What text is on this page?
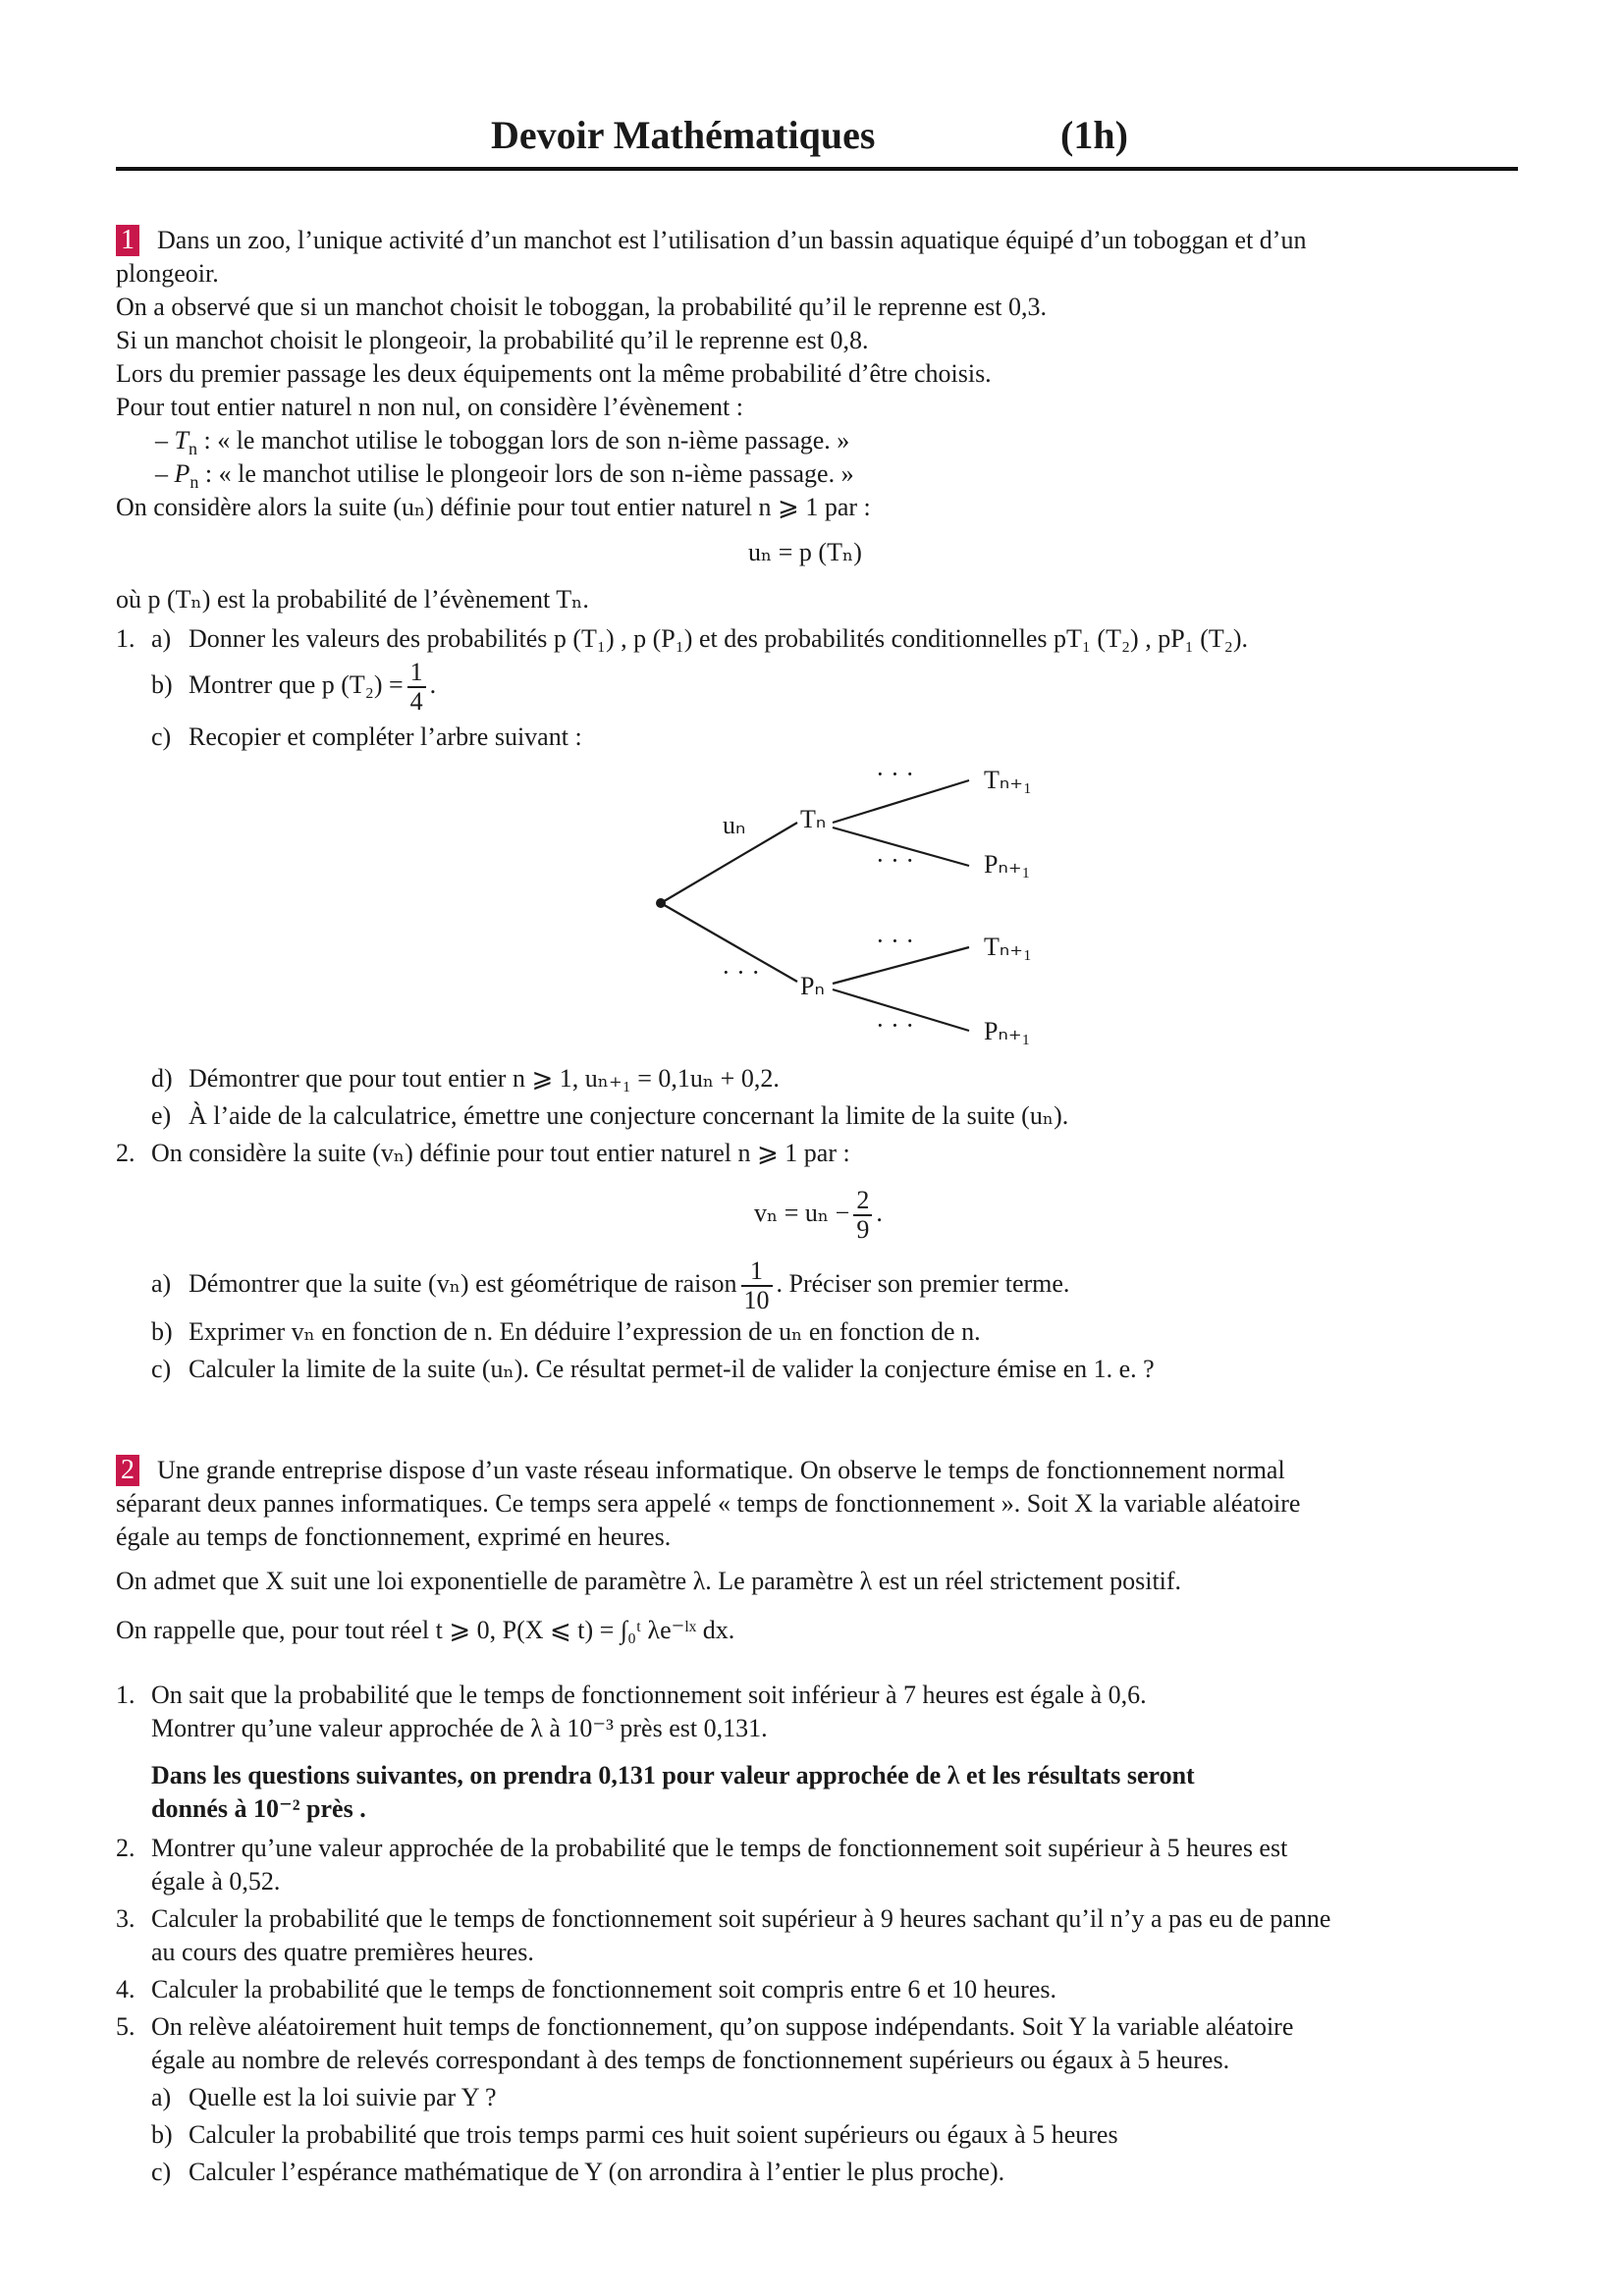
Devoir Mathématiques	(1h)
1 Dans un zoo, l’unique activité d’un manchot est l’utilisation d’un bassin aquatique équipé d’un toboggan et d’un
plongeoir.
On a observé que si un manchot choisit le toboggan, la probabilité qu’il le reprenne est 0,3.
Si un manchot choisit le plongeoir, la probabilité qu’il le reprenne est 0,8.
Lors du premier passage les deux équipements ont la même probabilité d’être choisis.
Pour tout entier naturel n non nul, on considère l’évènement :
– $T_n$ : « le manchot utilise le toboggan lors de son n-ième passage. »
– $P_n$ : « le manchot utilise le plongeoir lors de son n-ième passage. »
On considère alors la suite (uₙ) définie pour tout entier naturel n ⩾ 1 par :
uₙ = p (Tₙ)
où p (Tₙ) est la probabilité de l’évènement Tₙ.
1. a) Donner les valeurs des probabilités p (T₁) , p (P₁) et des probabilités conditionnelles pT₁ (T₂) , pP₁ (T₂).
b) Montrer que p $(T_2) = \frac{1}{4}$ .
c) Recopier et compléter l’arbre suivant :
uₙ Tₙ
Pₙ
· · ·
· · ·
· · ·
· · ·
· · ·
Tₙ₊₁
Pₙ₊₁
Tₙ₊₁
Pₙ₊₁
d) Démontrer que pour tout entier n ⩾ 1, uₙ₊₁ = 0,1uₙ + 0,2.
e) À l’aide de la calculatrice, émettre une conjecture concernant la limite de la suite (uₙ).
2. On considère la suite (vₙ) définie pour tout entier naturel n ⩾ 1 par :
$v_n = u_n - \frac{2}{9}$ .
a) Démontrer que la suite (vₙ) est géométrique de raison $\frac{1}{10}$ . Préciser son premier terme.
b) Exprimer vₙ en fonction de n. En déduire l’expression de uₙ en fonction de n.
c) Calculer la limite de la suite (uₙ). Ce résultat permet-il de valider la conjecture émise en 1. e. ?
2 Une grande entreprise dispose d’un vaste réseau informatique. On observe le temps de fonctionnement normal
séparant deux pannes informatiques. Ce temps sera appelé « temps de fonctionnement ». Soit X la variable aléatoire
égale au temps de fonctionnement, exprimé en heures.
On admet que X suit une loi exponentielle de paramètre λ. Le paramètre λ est un réel strictement positif.
On rappelle que, pour tout réel t ⩾ 0, P(X ⩽ t) = ∫₀ᵗ λe⁻ˡˣ dx.
1. On sait que la probabilité que le temps de fonctionnement soit inférieur à 7 heures est égale à 0,6.
Montrer qu’une valeur approchée de λ à 10⁻³ près est 0,131.
Dans les questions suivantes, on prendra 0,131 pour valeur approchée de λ et les résultats seront
donnés à 10⁻² près .
2. Montrer qu’une valeur approchée de la probabilité que le temps de fonctionnement soit supérieur à 5 heures est
égale à 0,52.
3. Calculer la probabilité que le temps de fonctionnement soit supérieur à 9 heures sachant qu’il n’y a pas eu de panne
au cours des quatre premières heures.
4. Calculer la probabilité que le temps de fonctionnement soit compris entre 6 et 10 heures.
5. On relève aléatoirement huit temps de fonctionnement, qu’on suppose indépendants. Soit Y la variable aléatoire
égale au nombre de relevés correspondant à des temps de fonctionnement supérieurs ou égaux à 5 heures.
a) Quelle est la loi suivie par Y ?
b) Calculer la probabilité que trois temps parmi ces huit soient supérieurs ou égaux à 5 heures
c) Calculer l’espérance mathématique de Y (on arrondira à l’entier le plus proche).
